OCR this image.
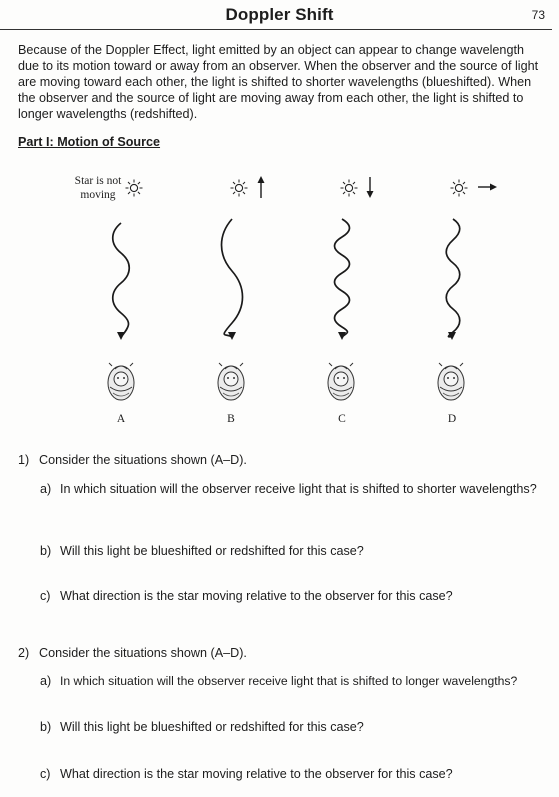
Doppler Shift	73

Because of the Doppler Effect, light emitted by an object can appear to change wavelength due to its motion toward or away from an observer. When the observer and the source of light are moving toward each other, the light is shifted to shorter wavelengths (blueshifted). When the observer and the source of light are moving away from each other, the light is shifted to longer wavelengths (redshifted).

Part I: Motion of Source
Star is not
moving
A	B	C	D
1) Consider the situations shown (A–D).
a) In which situation will the observer receive light that is shifted to shorter wavelengths?
b) Will this light be blueshifted or redshifted for this case?
c) What direction is the star moving relative to the observer for this case?
2) Consider the situations shown (A–D).
a) In which situation will the observer receive light that is shifted to longer wavelengths?
b) Will this light be blueshifted or redshifted for this case?
c) What direction is the star moving relative to the observer for this case?
